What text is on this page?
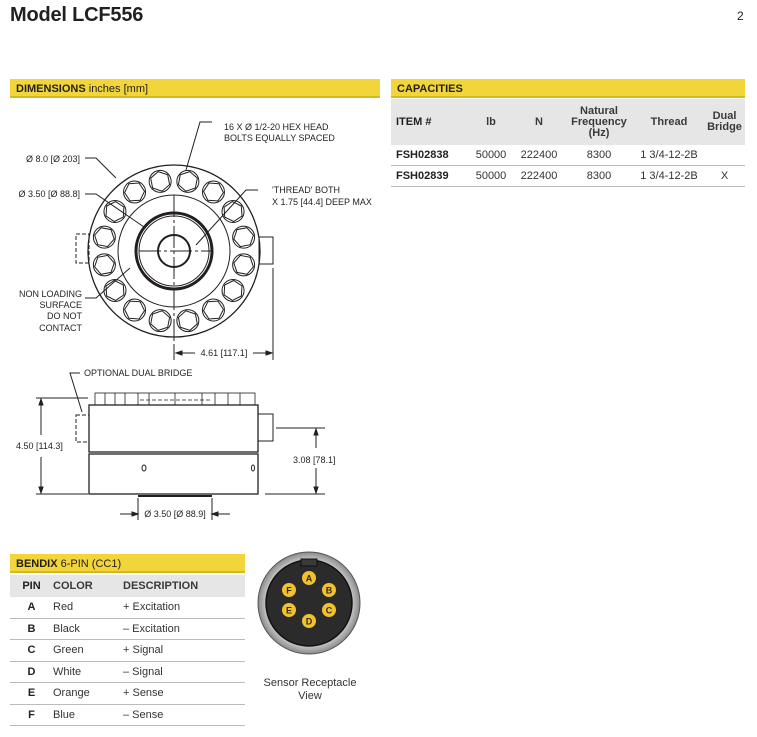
Model LCF556	2
DIMENSIONS inches [mm]
16 X Ø 1/2-20 HEX HEAD
BOLTS EQUALLY SPACED
Ø 8.0 [Ø 203]
Ø 3.50 [Ø 88.8]	'THREAD' BOTH
X 1.75 [44.4] DEEP MAX
NON LOADING
SURFACE
DO NOT
CONTACT
4.61 [117.1]
OPTIONAL DUAL BRIDGE
4.50 [114.3]
3.08 [78.1]
Ø 3.50 [Ø 88.9]
CAPACITIES
ITEM #	lb	N	Natural
Frequency
(Hz)	Thread	Dual
Bridge
FSH02838	50000	222400	8300	1 3/4-12-2B	
FSH02839	50000	222400	8300	1 3/4-12-2B	X
BENDIX 6-PIN (CC1)
PIN	COLOR	DESCRIPTION
A	Red	+ Excitation
B	Black	– Excitation
C	Green	+ Signal
D	White	– Signal
E	Orange	+ Sense
F	Blue	– Sense
A
B
C
D
E
F
Sensor Receptacle
View
